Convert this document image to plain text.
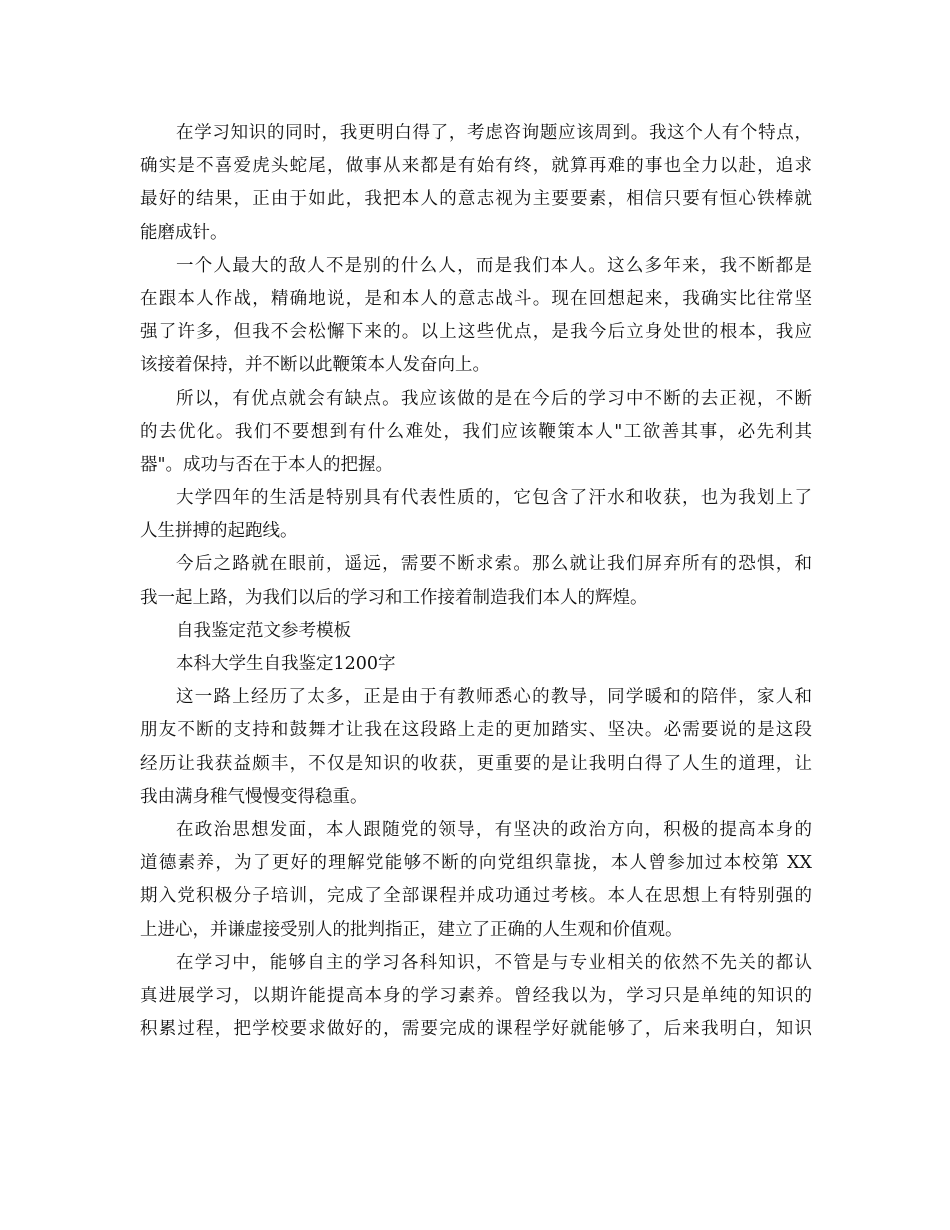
在学习知识的同时，我更明白得了，考虑咨询题应该周到。我这个人有个特点，
确实是不喜爱虎头蛇尾，做事从来都是有始有终，就算再难的事也全力以赴，追求
最好的结果，正由于如此，我把本人的意志视为主要要素，相信只要有恒心铁棒就
能磨成针。
一个人最大的敌人不是别的什么人，而是我们本人。这么多年来，我不断都是
在跟本人作战，精确地说，是和本人的意志战斗。现在回想起来，我确实比往常坚
强了许多，但我不会松懈下来的。以上这些优点，是我今后立身处世的根本，我应
该接着保持，并不断以此鞭策本人发奋向上。
所以，有优点就会有缺点。我应该做的是在今后的学习中不断的去正视，不断
的去优化。我们不要想到有什么难处，我们应该鞭策本人"工欲善其事，必先利其
器"。成功与否在于本人的把握。
大学四年的生活是特别具有代表性质的，它包含了汗水和收获，也为我划上了
人生拼搏的起跑线。
今后之路就在眼前，遥远，需要不断求索。那么就让我们屏弃所有的恐惧，和
我一起上路，为我们以后的学习和工作接着制造我们本人的辉煌。
自我鉴定范文参考模板
本科大学生自我鉴定1200字
这一路上经历了太多，正是由于有教师悉心的教导，同学暖和的陪伴，家人和
朋友不断的支持和鼓舞才让我在这段路上走的更加踏实、坚决。必需要说的是这段
经历让我获益颇丰，不仅是知识的收获，更重要的是让我明白得了人生的道理，让
我由满身稚气慢慢变得稳重。
在政治思想发面，本人跟随党的领导，有坚决的政治方向，积极的提高本身的
道德素养，为了更好的理解党能够不断的向党组织靠拢，本人曾参加过本校第 XX
期入党积极分子培训，完成了全部课程并成功通过考核。本人在思想上有特别强的
上进心，并谦虚接受别人的批判指正，建立了正确的人生观和价值观。
在学习中，能够自主的学习各科知识，不管是与专业相关的依然不先关的都认
真进展学习，以期许能提高本身的学习素养。曾经我以为，学习只是单纯的知识的
积累过程，把学校要求做好的，需要完成的课程学好就能够了，后来我明白，知识
